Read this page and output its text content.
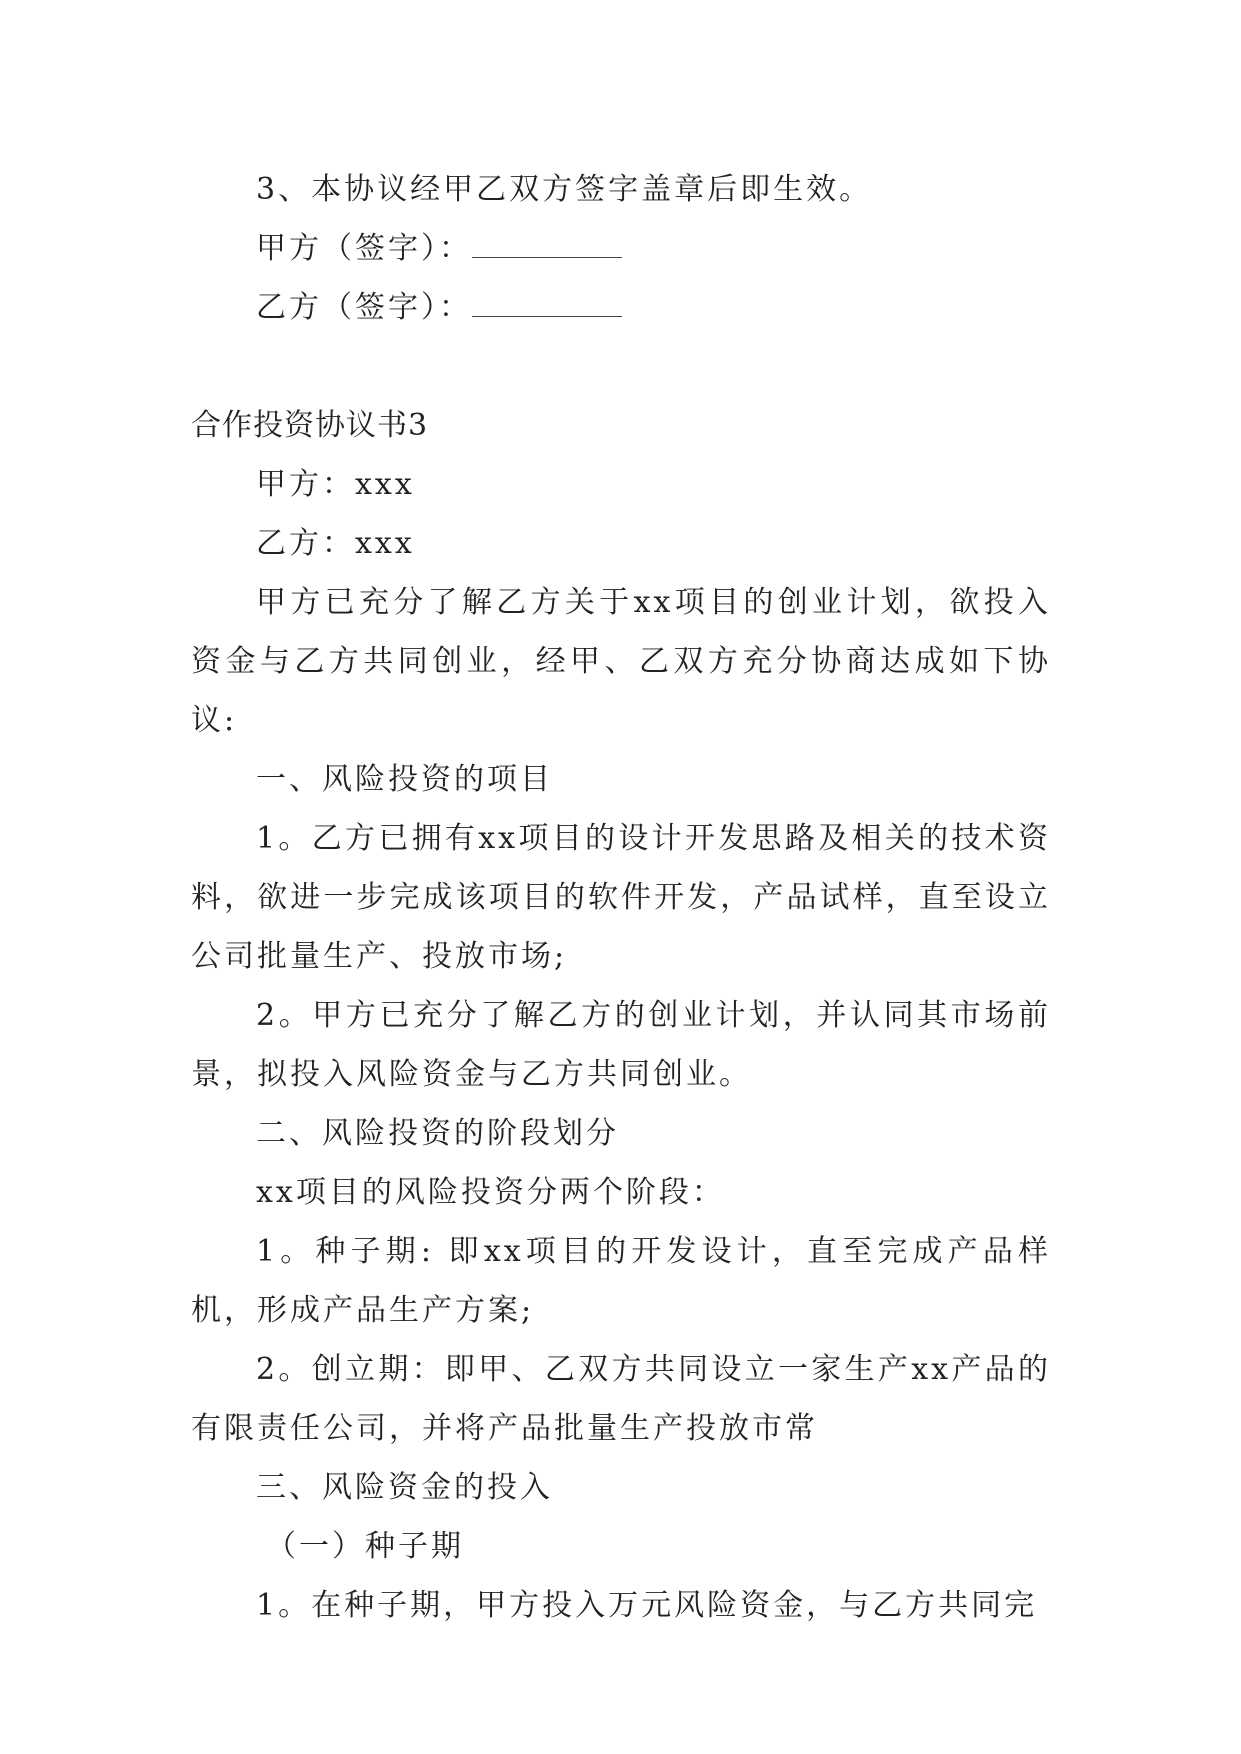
3、本协议经甲乙双方签字盖章后即生效。
甲方（签字）：
乙方（签字）：
合作投资协议书3
甲方：xxx
乙方：xxx
甲方已充分了解乙方关于xx项目的创业计划，欲投入资金与乙方共同创业，经甲、乙双方充分协商达成如下协议:
一、风险投资的项目
1。乙方已拥有xx项目的设计开发思路及相关的技术资料，欲进一步完成该项目的软件开发，产品试样，直至设立公司批量生产、投放市场;
2。甲方已充分了解乙方的创业计划，并认同其市场前景，拟投入风险资金与乙方共同创业。
二、风险投资的阶段划分
xx项目的风险投资分两个阶段：
1。种子期: 即xx项目的开发设计，直至完成产品样机，形成产品生产方案;
2。创立期：即甲、乙双方共同设立一家生产xx产品的有限责任公司，并将产品批量生产投放市常
三、风险资金的投入
（一）种子期
1。在种子期，甲方投入万元风险资金，与乙方共同完
